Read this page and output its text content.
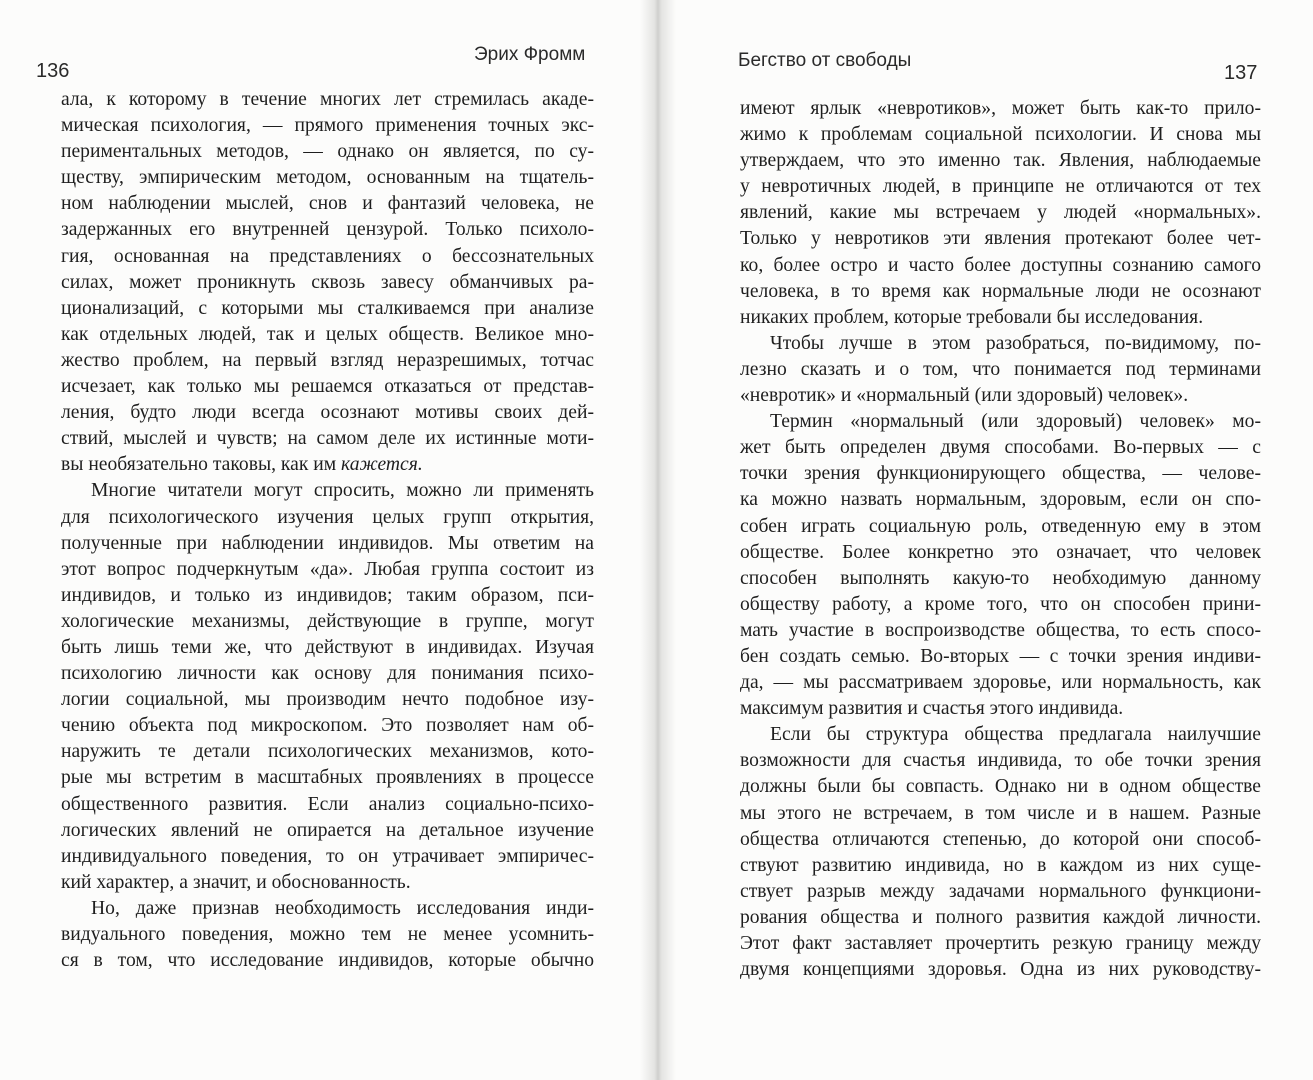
136
Эрих Фромм
ала, к которому в течение многих лет стремилась акаде-
мическая психология, — прямого применения точных экс-
периментальных методов, — однако он является, по су-
ществу, эмпирическим методом, основанным на тщатель-
ном наблюдении мыслей, снов и фантазий человека, не
задержанных его внутренней цензурой. Только психоло-
гия, основанная на представлениях о бессознательных
силах, может проникнуть сквозь завесу обманчивых ра-
ционализаций, с которыми мы сталкиваемся при анализе
как отдельных людей, так и целых обществ. Великое мно-
жество проблем, на первый взгляд неразрешимых, тотчас
исчезает, как только мы решаемся отказаться от представ-
ления, будто люди всегда осознают мотивы своих дей-
ствий, мыслей и чувств; на самом деле их истинные моти-
вы необязательно таковы, как им кажется.
Многие читатели могут спросить, можно ли применять
для психологического изучения целых групп открытия,
полученные при наблюдении индивидов. Мы ответим на
этот вопрос подчеркнутым «да». Любая группа состоит из
индивидов, и только из индивидов; таким образом, пси-
хологические механизмы, действующие в группе, могут
быть лишь теми же, что действуют в индивидах. Изучая
психологию личности как основу для понимания психо-
логии социальной, мы производим нечто подобное изу-
чению объекта под микроскопом. Это позволяет нам об-
наружить те детали психологических механизмов, кото-
рые мы встретим в масштабных проявлениях в процессе
общественного развития. Если анализ социально-психо-
логических явлений не опирается на детальное изучение
индивидуального поведения, то он утрачивает эмпиричес-
кий характер, а значит, и обоснованность.
Но, даже признав необходимость исследования инди-
видуального поведения, можно тем не менее усомнить-
ся в том, что исследование индивидов, которые обычно
Бегство от свободы
137
имеют ярлык «невротиков», может быть как-то прило-
жимо к проблемам социальной психологии. И снова мы
утверждаем, что это именно так. Явления, наблюдаемые
у невротичных людей, в принципе не отличаются от тех
явлений, какие мы встречаем у людей «нормальных».
Только у невротиков эти явления протекают более чет-
ко, более остро и часто более доступны сознанию самого
человека, в то время как нормальные люди не осознают
никаких проблем, которые требовали бы исследования.
Чтобы лучше в этом разобраться, по-видимому, по-
лезно сказать и о том, что понимается под терминами
«невротик» и «нормальный (или здоровый) человек».
Термин «нормальный (или здоровый) человек» мо-
жет быть определен двумя способами. Во-первых — с
точки зрения функционирующего общества, — челове-
ка можно назвать нормальным, здоровым, если он спо-
собен играть социальную роль, отведенную ему в этом
обществе. Более конкретно это означает, что человек
способен выполнять какую-то необходимую данному
обществу работу, а кроме того, что он способен прини-
мать участие в воспроизводстве общества, то есть спосо-
бен создать семью. Во-вторых — с точки зрения индиви-
да, — мы рассматриваем здоровье, или нормальность, как
максимум развития и счастья этого индивида.
Если бы структура общества предлагала наилучшие
возможности для счастья индивида, то обе точки зрения
должны были бы совпасть. Однако ни в одном обществе
мы этого не встречаем, в том числе и в нашем. Разные
общества отличаются степенью, до которой они способ-
ствуют развитию индивида, но в каждом из них суще-
ствует разрыв между задачами нормального функциони-
рования общества и полного развития каждой личности.
Этот факт заставляет прочертить резкую границу между
двумя концепциями здоровья. Одна из них руководству-
